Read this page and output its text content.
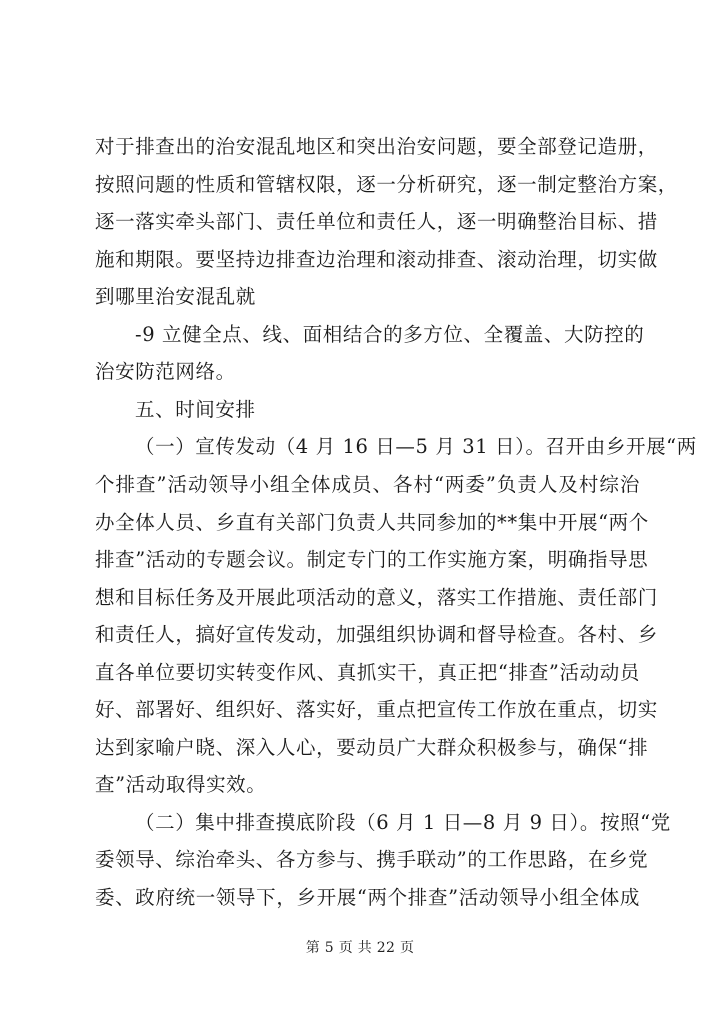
对于排查出的治安混乱地区和突出治安问题，要全部登记造册，
按照问题的性质和管辖权限，逐一分析研究，逐一制定整治方案，
逐一落实牵头部门、责任单位和责任人，逐一明确整治目标、措
施和期限。要坚持边排查边治理和滚动排查、滚动治理，切实做
到哪里治安混乱就
-9 立健全点、线、面相结合的多方位、全覆盖、大防控的
治安防范网络。
五、时间安排
（一）宣传发动（4 月 16 日—5 月 31 日）。召开由乡开展“两
个排查”活动领导小组全体成员、各村“两委”负责人及村综治
办全体人员、乡直有关部门负责人共同参加的**集中开展“两个
排查”活动的专题会议。制定专门的工作实施方案，明确指导思
想和目标任务及开展此项活动的意义，落实工作措施、责任部门
和责任人，搞好宣传发动，加强组织协调和督导检查。各村、乡
直各单位要切实转变作风、真抓实干，真正把“排查”活动动员
好、部署好、组织好、落实好，重点把宣传工作放在重点，切实
达到家喻户晓、深入人心，要动员广大群众积极参与，确保“排
查”活动取得实效。
（二）集中排查摸底阶段（6 月 1 日—8 月 9 日）。按照“党
委领导、综治牵头、各方参与、携手联动”的工作思路，在乡党
委、政府统一领导下，乡开展“两个排查”活动领导小组全体成
第 5 页 共 22 页
